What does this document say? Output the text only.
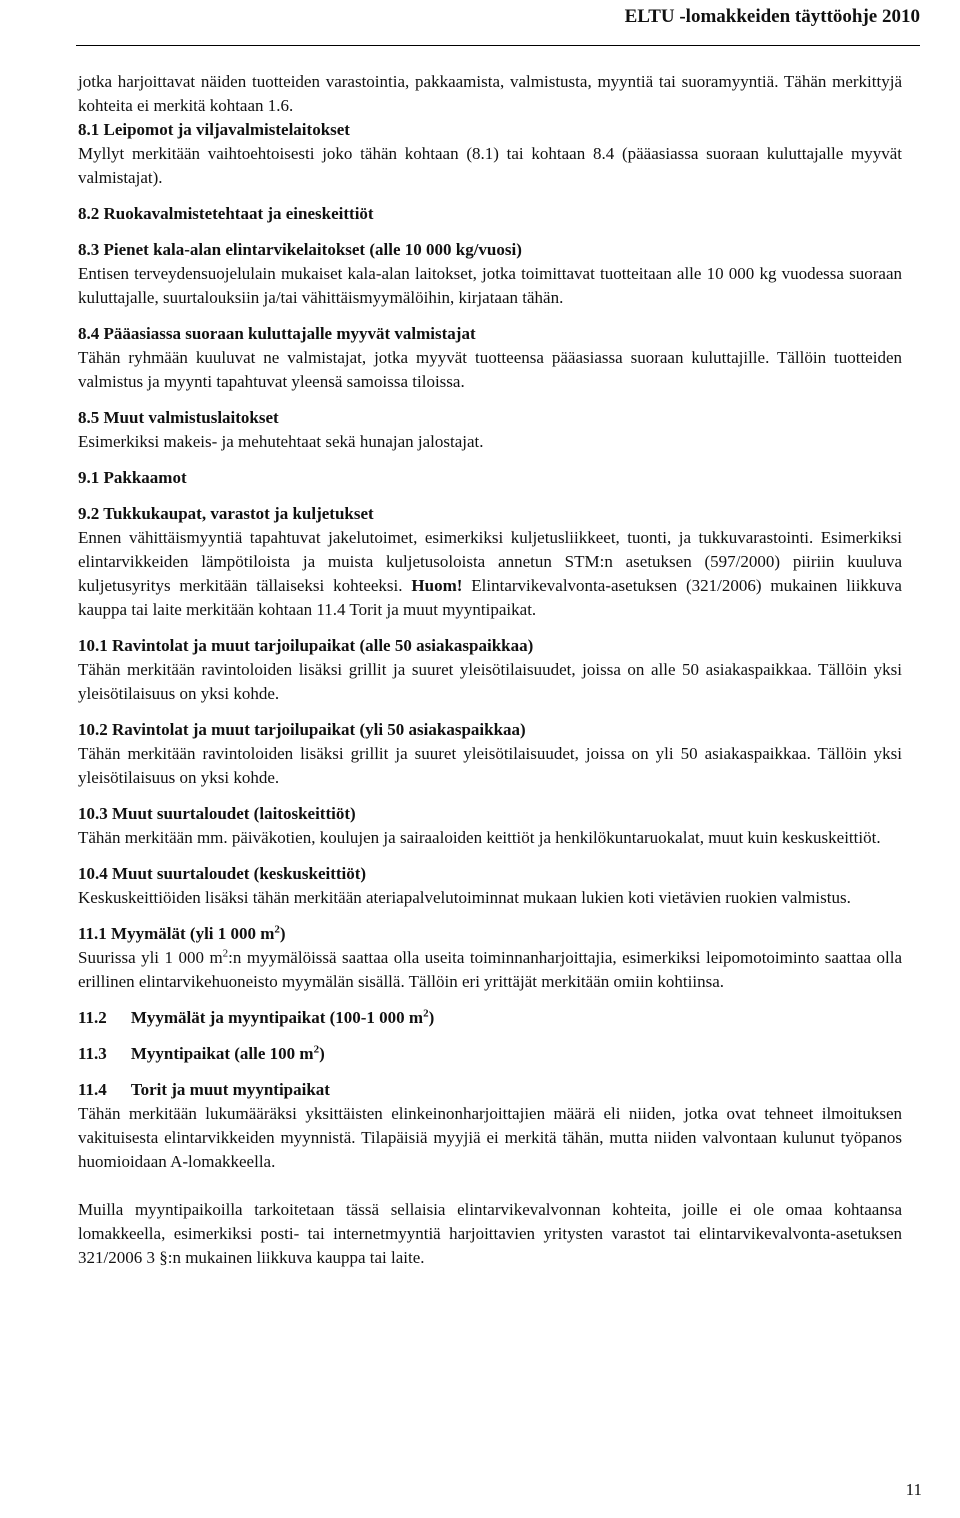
ELTU -lomakkeiden täyttöohje 2010

jotka harjoittavat näiden tuotteiden varastointia, pakkaamista, valmistusta, myyntiä tai suoramyyntiä. Tähän merkittyjä kohteita ei merkitä kohtaan 1.6.

8.1 Leipomot ja viljavalmistelaitokset

Myllyt merkitään vaihtoehtoisesti joko tähän kohtaan (8.1) tai kohtaan 8.4 (pääasiassa suoraan kuluttajalle myyvät valmistajat).

8.2 Ruokavalmistetehtaat ja eineskeittiöt
8.3 Pienet kala-alan elintarvikelaitokset (alle 10 000 kg/vuosi)

Entisen terveydensuojelulain mukaiset kala-alan laitokset, jotka toimittavat tuotteitaan alle 10 000 kg vuodessa suoraan kuluttajalle, suurtalouksiin ja/tai vähittäismyymälöihin, kirjataan tähän.

8.4 Pääasiassa suoraan kuluttajalle myyvät valmistajat

Tähän ryhmään kuuluvat ne valmistajat, jotka myyvät tuotteensa pääasiassa suoraan kuluttajille. Tällöin tuotteiden valmistus ja myynti tapahtuvat yleensä samoissa tiloissa.

8.5 Muut valmistuslaitokset

Esimerkiksi makeis- ja mehutehtaat sekä hunajan jalostajat.

9.1 Pakkaamot
9.2 Tukkukaupat, varastot ja kuljetukset

Ennen vähittäismyyntiä tapahtuvat jakelutoimet, esimerkiksi kuljetusliikkeet, tuonti, ja tukkuvarastointi. Esimerkiksi elintarvikkeiden lämpötiloista ja muista kuljetusoloista annetun STM:n asetuksen (597/2000) piiriin kuuluva kuljetusyritys merkitään tällaiseksi kohteeksi. Huom! Elintarvikevalvonta-asetuksen (321/2006) mukainen liikkuva kauppa tai laite merkitään kohtaan 11.4 Torit ja muut myyntipaikat.

10.1 Ravintolat ja muut tarjoilupaikat (alle 50 asiakaspaikkaa)

Tähän merkitään ravintoloiden lisäksi grillit ja suuret yleisötilaisuudet, joissa on alle 50 asiakaspaikkaa. Tällöin yksi yleisötilaisuus on yksi kohde.

10.2 Ravintolat ja muut tarjoilupaikat (yli 50 asiakaspaikkaa)

Tähän merkitään ravintoloiden lisäksi grillit ja suuret yleisötilaisuudet, joissa on yli 50 asiakaspaikkaa. Tällöin yksi yleisötilaisuus on yksi kohde.

10.3 Muut suurtaloudet (laitoskeittiöt)

Tähän merkitään mm. päiväkotien, koulujen ja sairaaloiden keittiöt ja henkilökuntaruokalat, muut kuin keskuskeittiöt.

10.4 Muut suurtaloudet (keskuskeittiöt)

Keskuskeittiöiden lisäksi tähän merkitään ateriapalvelutoiminnat mukaan lukien koti vietävien ruokien valmistus.

11.1 Myymälät (yli 1 000 $m^2$)

Suurissa yli 1 000 $m^2:n$ myymälöissä saattaa olla useita toiminnanharjoittajia, esimerkiksi leipomotoiminto saattaa olla erillinen elintarvikehuoneisto myymälän sisällä. Tällöin eri yrittäjät merkitään omiin kohtiinsa.

11.2 Myymälät ja myyntipaikat (100-1 000 $m^2$)
11.3 Myyntipaikat (alle 100 $m^2$)
11.4 Torit ja muut myyntipaikat

Tähän merkitään lukumääräksi yksittäisten elinkeinonharjoittajien määrä eli niiden, jotka ovat tehneet ilmoituksen vakituisesta elintarvikkeiden myynnistä. Tilapäisiä myyjiä ei merkitä tähän, mutta niiden valvontaan kulunut työpanos huomioidaan A-lomakkeella.

Muilla myyntipaikoilla tarkoitetaan tässä sellaisia elintarvikevalvonnan kohteita, joille ei ole omaa kohtaansa lomakkeella, esimerkiksi posti- tai internetmyyntiä harjoittavien yritysten varastot tai elintarvikevalvonta-asetuksen 321/2006 3 §:n mukainen liikkuva kauppa tai laite.

11
